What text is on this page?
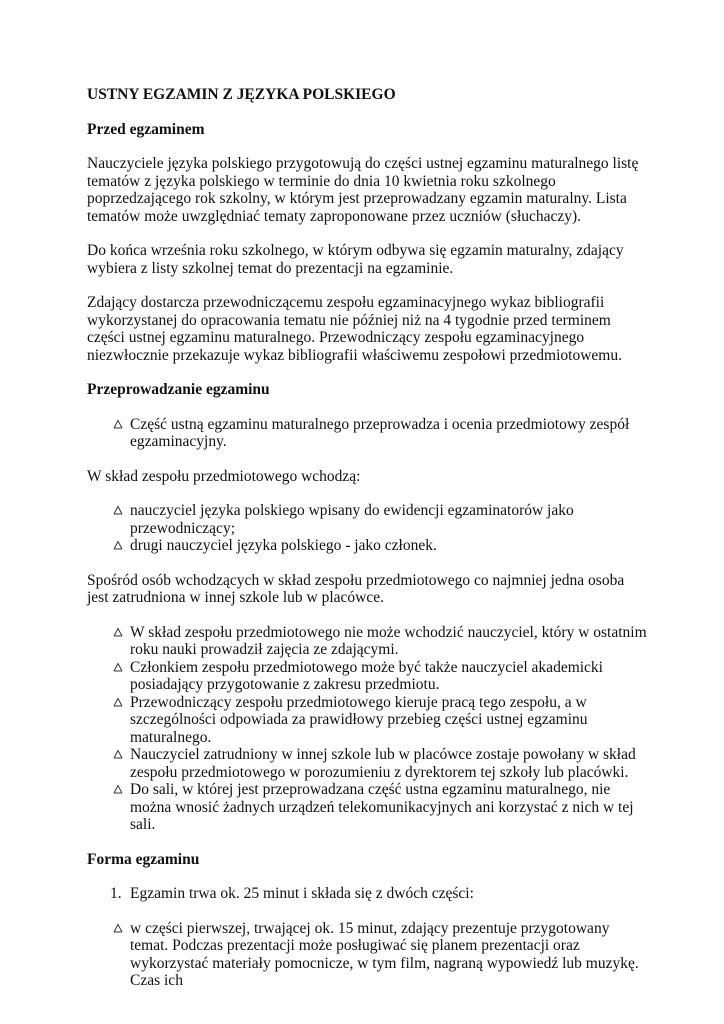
USTNY EGZAMIN Z JĘZYKA POLSKIEGO
Przed egzaminem

Nauczyciele języka polskiego przygotowują do części ustnej egzaminu maturalnego listę tematów z języka polskiego w terminie do dnia 10 kwietnia roku szkolnego poprzedzającego rok szkolny, w którym jest przeprowadzany egzamin maturalny. Lista tematów może uwzględniać tematy zaproponowane przez uczniów (słuchaczy).

Do końca września roku szkolnego, w którym odbywa się egzamin maturalny, zdający wybiera z listy szkolnej temat do prezentacji na egzaminie.

Zdający dostarcza przewodniczącemu zespołu egzaminacyjnego wykaz bibliografii wykorzystanej do opracowania tematu nie później niż na 4 tygodnie przed terminem części ustnej egzaminu maturalnego. Przewodniczący zespołu egzaminacyjnego niezwłocznie przekazuje wykaz bibliografii właściwemu zespołowi przedmiotowemu.

Przeprowadzanie egzaminu
Część ustną egzaminu maturalnego przeprowadza i ocenia przedmiotowy zespół egzaminacyjny.

W skład zespołu przedmiotowego wchodzą:

nauczyciel języka polskiego wpisany do ewidencji egzaminatorów jako przewodniczący;
drugi nauczyciel języka polskiego - jako członek.

Spośród osób wchodzących w skład zespołu przedmiotowego co najmniej jedna osoba jest zatrudniona w innej szkole lub w placówce.

W skład zespołu przedmiotowego nie może wchodzić nauczyciel, który w ostatnim roku nauki prowadził zajęcia ze zdającymi.
Członkiem zespołu przedmiotowego może być także nauczyciel akademicki posiadający przygotowanie z zakresu przedmiotu.
Przewodniczący zespołu przedmiotowego kieruje pracą tego zespołu, a w szczególności odpowiada za prawidłowy przebieg części ustnej egzaminu maturalnego.
Nauczyciel zatrudniony w innej szkole lub w placówce zostaje powołany w skład zespołu przedmiotowego w porozumieniu z dyrektorem tej szkoły lub placówki.
Do sali, w której jest przeprowadzana część ustna egzaminu maturalnego, nie można wnosić żadnych urządzeń telekomunikacyjnych ani korzystać z nich w tej sali.
Forma egzaminu
1. Egzamin trwa ok. 25 minut i składa się z dwóch części:
w części pierwszej, trwającej ok. 15 minut, zdający prezentuje przygotowany temat. Podczas prezentacji może posługiwać się planem prezentacji oraz wykorzystać materiały pomocnicze, w tym film, nagraną wypowiedź lub muzykę. Czas ich
